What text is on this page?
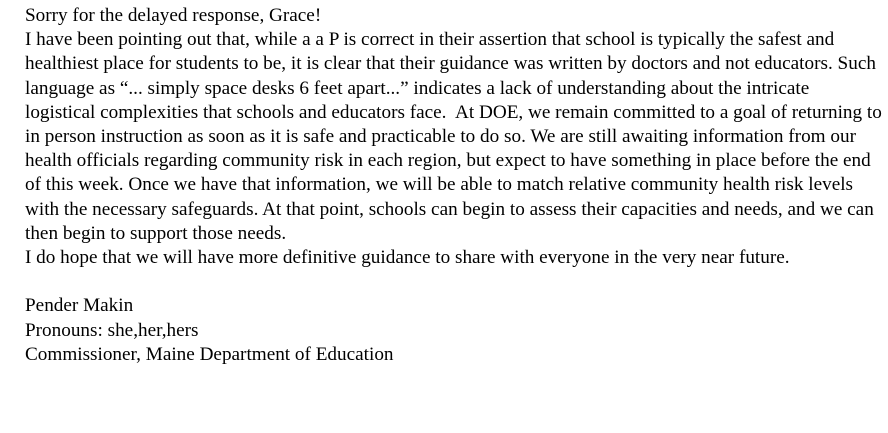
Sorry for the delayed response, Grace!

I have been pointing out that, while a a P is correct in their assertion that school is typically the safest and healthiest place for students to be, it is clear that their guidance was written by doctors and not educators. Such language as “... simply space desks 6 feet apart...” indicates a lack of understanding about the intricate logistical complexities that schools and educators face.  At DOE, we remain committed to a goal of returning to in person instruction as soon as it is safe and practicable to do so. We are still awaiting information from our health officials regarding community risk in each region, but expect to have something in place before the end of this week. Once we have that information, we will be able to match relative community health risk levels with the necessary safeguards. At that point, schools can begin to assess their capacities and needs, and we can then begin to support those needs.

I do hope that we will have more definitive guidance to share with everyone in the very near future.

Pender Makin

Pronouns: she,her,hers

Commissioner, Maine Department of Education
